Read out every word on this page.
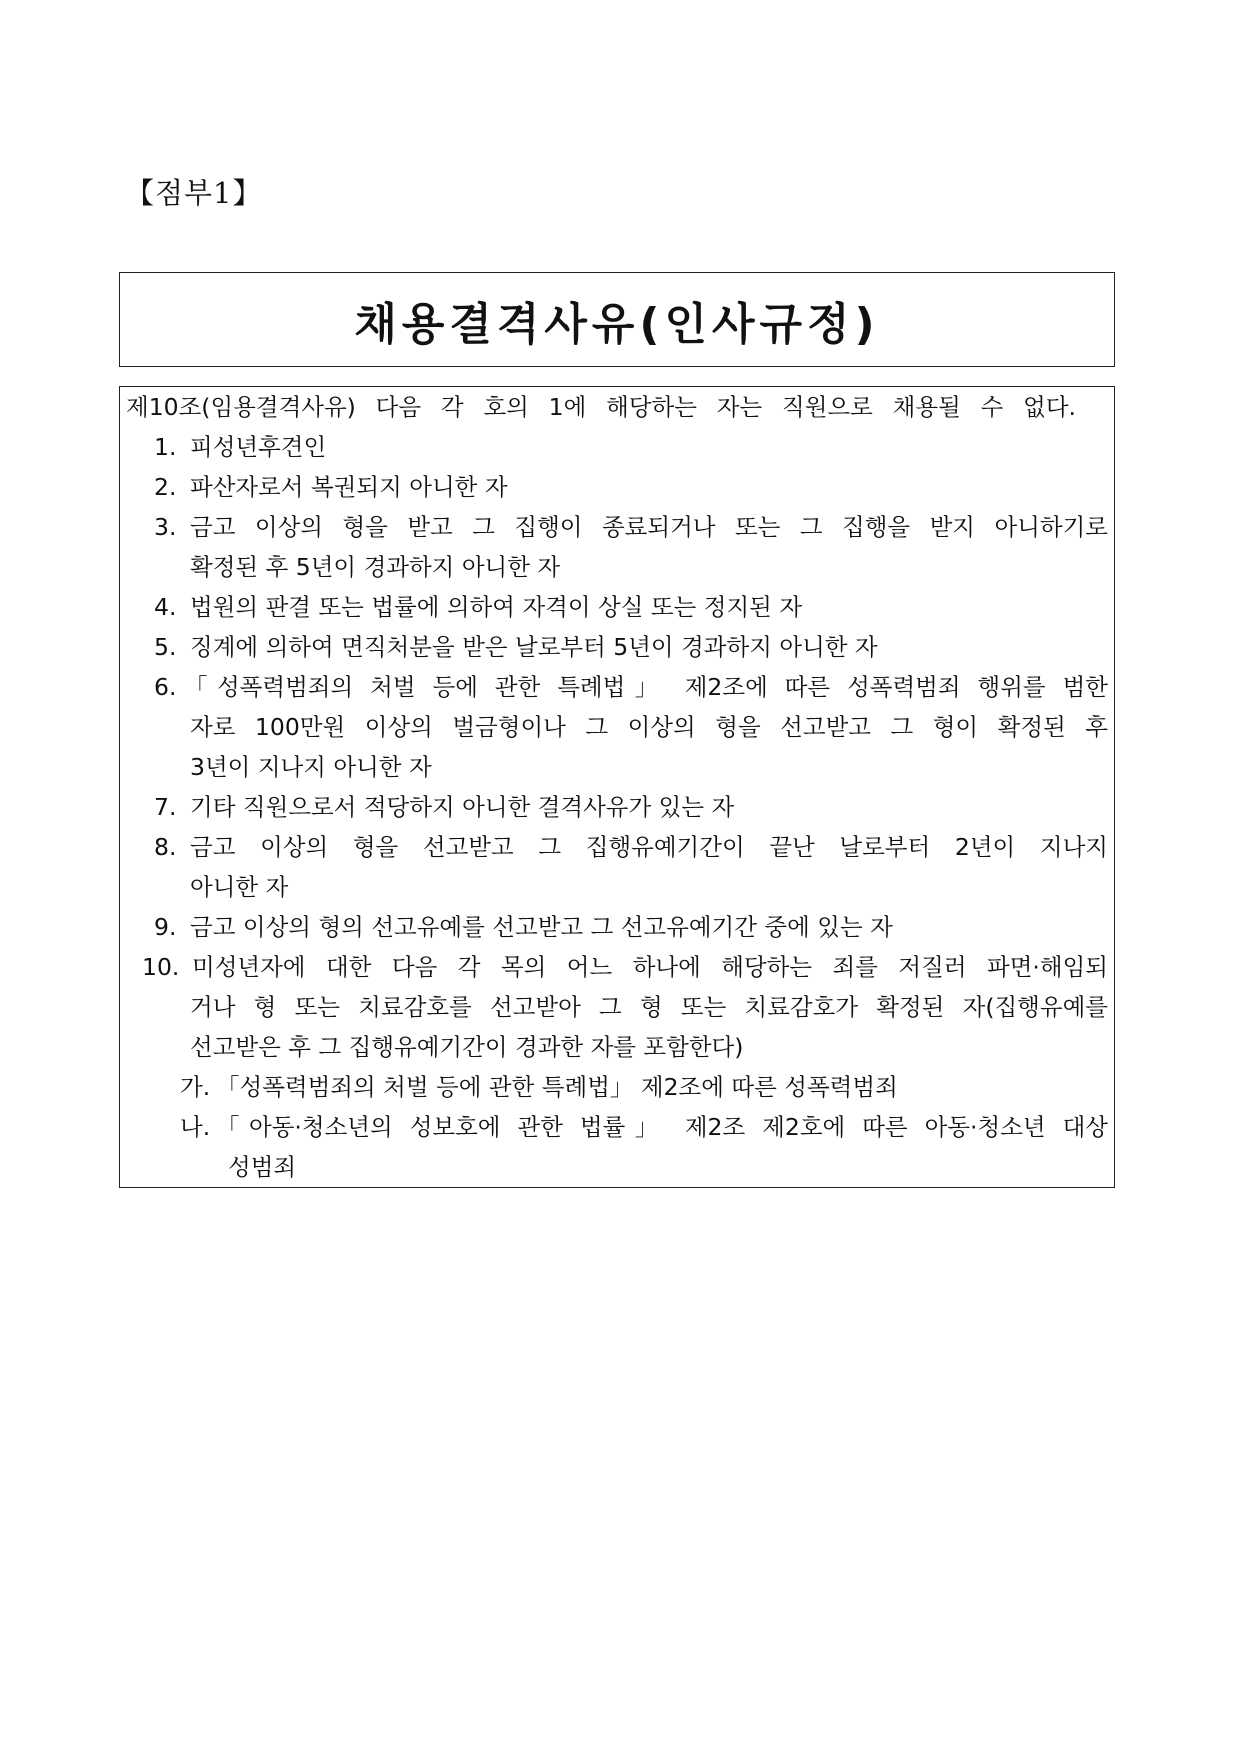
【점부1】
채용결격사유(인사규정)
제10조(임용결격사유) 다음 각 호의 1에 해당하는 자는 직원으로 채용될 수 없다.
1. 피성년후견인
2. 파산자로서 복권되지 아니한 자
3. 금고 이상의 형을 받고 그 집행이 종료되거나 또는 그 집행을 받지 아니하기로
확정된 후 5년이 경과하지 아니한 자
4. 법원의 판결 또는 법률에 의하여 자격이 상실 또는 정지된 자
5. 징계에 의하여 면직처분을 받은 날로부터 5년이 경과하지 아니한 자
6. 「성폭력범죄의 처벌 등에 관한 특례법」 제2조에 따른 성폭력범죄 행위를 범한
자로 100만원 이상의 벌금형이나 그 이상의 형을 선고받고 그 형이 확정된 후
3년이 지나지 아니한 자
7. 기타 직원으로서 적당하지 아니한 결격사유가 있는 자
8. 금고 이상의 형을 선고받고 그 집행유예기간이 끝난 날로부터 2년이 지나지
아니한 자
9. 금고 이상의 형의 선고유예를 선고받고 그 선고유예기간 중에 있는 자
10. 미성년자에 대한 다음 각 목의 어느 하나에 해당하는 죄를 저질러 파면·해임되
거나 형 또는 치료감호를 선고받아 그 형 또는 치료감호가 확정된 자(집행유예를
선고받은 후 그 집행유예기간이 경과한 자를 포함한다)
가. 「성폭력범죄의 처벌 등에 관한 특례법」 제2조에 따른 성폭력범죄
나. 「아동·청소년의 성보호에 관한 법률」 제2조 제2호에 따른 아동·청소년 대상
성범죄
